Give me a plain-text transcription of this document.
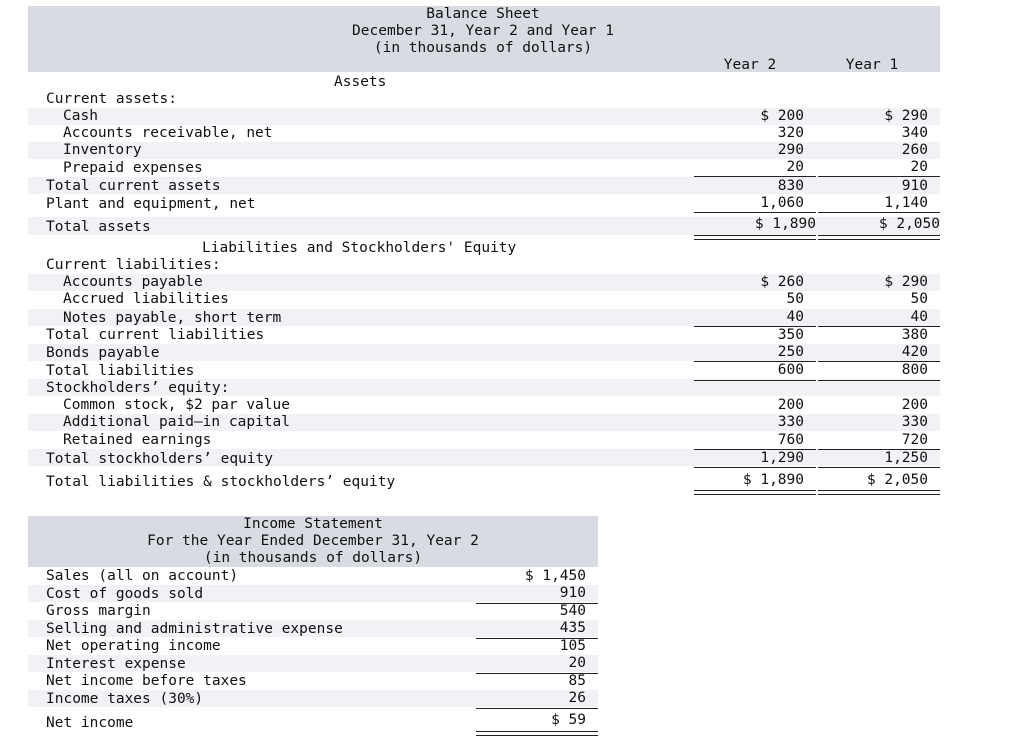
Balance Sheet
December 31, Year 2 and Year 1
(in thousands of dollars)
Year 2	Year 1
Assets
Current assets:
Cash	$ 200	$ 290
Accounts receivable, net	320	340
Inventory	290	260
Prepaid expenses	20	20
Total current assets	830	910
Plant and equipment, net	1,060	1,140
Total assets	$ 1,890	$ 2,050
Liabilities and Stockholders' Equity
Current liabilities:
Accounts payable	$ 260	$ 290
Accrued liabilities	50	50
Notes payable, short term	40	40
Total current liabilities	350	380
Bonds payable	250	420
Total liabilities	600	800
Stockholders’ equity:
Common stock, $2 par value	200	200
Additional paid–in capital	330	330
Retained earnings	760	720
Total stockholders’ equity	1,290	1,250
Total liabilities & stockholders’ equity	$ 1,890	$ 2,050
Income Statement
For the Year Ended December 31, Year 2
(in thousands of dollars)
Sales (all on account)	$ 1,450
Cost of goods sold	910
Gross margin	540
Selling and administrative expense	435
Net operating income	105
Interest expense	20
Net income before taxes	85
Income taxes (30%)	26
Net income	$ 59
